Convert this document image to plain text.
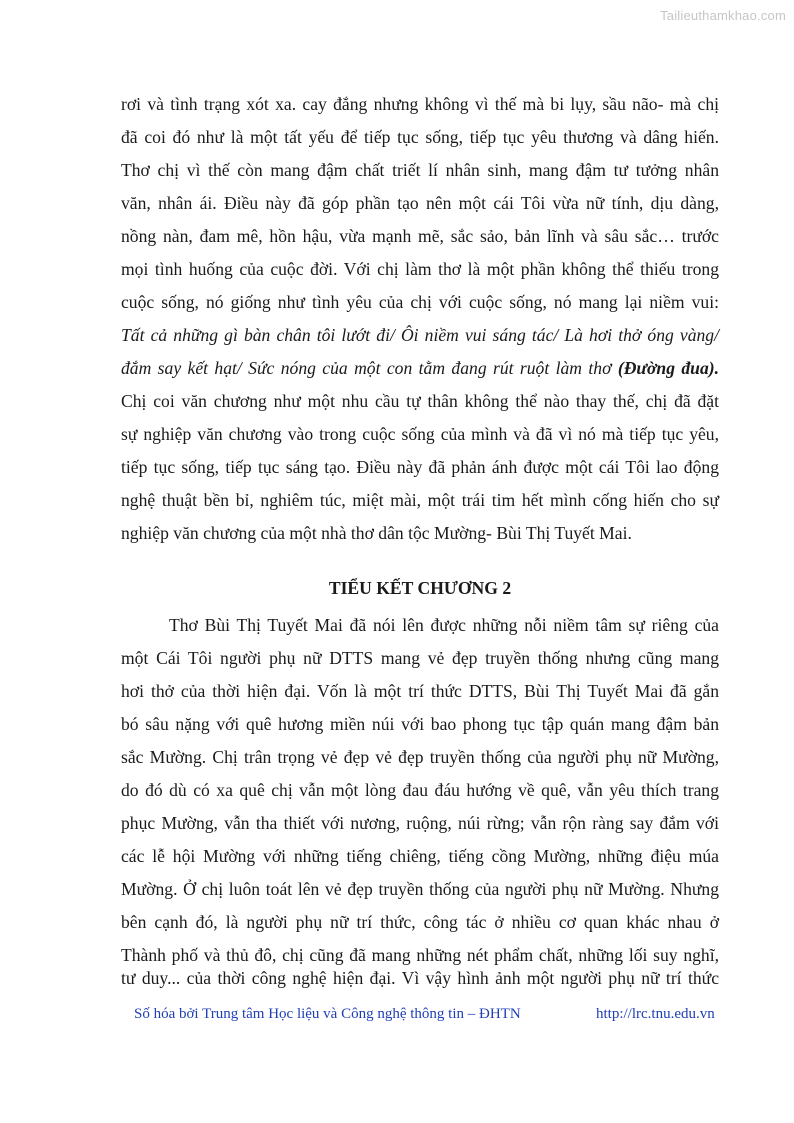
Tailieuthamkhao.com
rơi và tình trạng xót xa. cay đắng nhưng không vì thế mà bi lụy, sầu não- mà chị
đã coi đó như là một tất yếu để tiếp tục sống, tiếp tục yêu thương và dâng hiến.
Thơ chị vì thế còn mang đậm chất triết lí nhân sinh, mang đậm tư tưởng nhân
văn, nhân ái. Điều này đã góp phần tạo nên một cái Tôi vừa nữ tính, dịu dàng,
nồng nàn, đam mê, hồn hậu, vừa mạnh mẽ, sắc sảo, bản lĩnh và sâu sắc… trước
mọi tình huống của cuộc đời. Với chị làm thơ là một phần không thể thiếu trong
cuộc sống, nó giống như tình yêu của chị với cuộc sống, nó mang lại niềm vui:
Tất cả những gì bàn chân tôi lướt đi/ Ôi niềm vui sáng tác/ Là hơi thở óng vàng/
đắm say kết hạt/ Sức nóng của một con tằm đang rút ruột làm thơ (Đường đua).
Chị coi văn chương như một nhu cầu tự thân không thể nào thay thế, chị đã đặt
sự nghiệp văn chương vào trong cuộc sống của mình và đã vì nó mà tiếp tục yêu,
tiếp tục sống, tiếp tục sáng tạo. Điều này đã phản ánh được một cái Tôi lao động
nghệ thuật bền bỉ, nghiêm túc, miệt mài, một trái tim hết mình cống hiến cho sự
nghiệp văn chương của một nhà thơ dân tộc Mường- Bùi Thị Tuyết Mai.
TIỂU KẾT CHƯƠNG 2
Thơ Bùi Thị Tuyết Mai đã nói lên được những nỗi niềm tâm sự riêng của
một Cái Tôi người phụ nữ DTTS mang vẻ đẹp truyền thống nhưng cũng mang
hơi thở của thời hiện đại. Vốn là một trí thức DTTS, Bùi Thị Tuyết Mai đã gắn
bó sâu nặng với quê hương miền núi với bao phong tục tập quán mang đậm bản
sắc Mường. Chị trân trọng vẻ đẹp vẻ đẹp truyền thống của người phụ nữ Mường,
do đó dù có xa quê chị vẫn một lòng đau đáu hướng về quê, vẫn yêu thích trang
phục Mường, vẫn tha thiết với nương, ruộng, núi rừng; vẫn rộn ràng say đắm với
các lễ hội Mường với những tiếng chiêng, tiếng cồng Mường, những điệu múa
Mường. Ở chị luôn toát lên vẻ đẹp truyền thống của người phụ nữ Mường. Nhưng
bên cạnh đó, là người phụ nữ trí thức, công tác ở nhiều cơ quan khác nhau ở
Thành phố và thủ đô, chị cũng đã mang những nét phẩm chất, những lối suy nghĩ,
tư duy... của thời công nghệ hiện đại. Vì vậy hình ảnh một người phụ nữ trí thức
Số hóa bởi Trung tâm Học liệu và Công nghệ thông tin – ĐHTN	http://lrc.tnu.edu.vn
